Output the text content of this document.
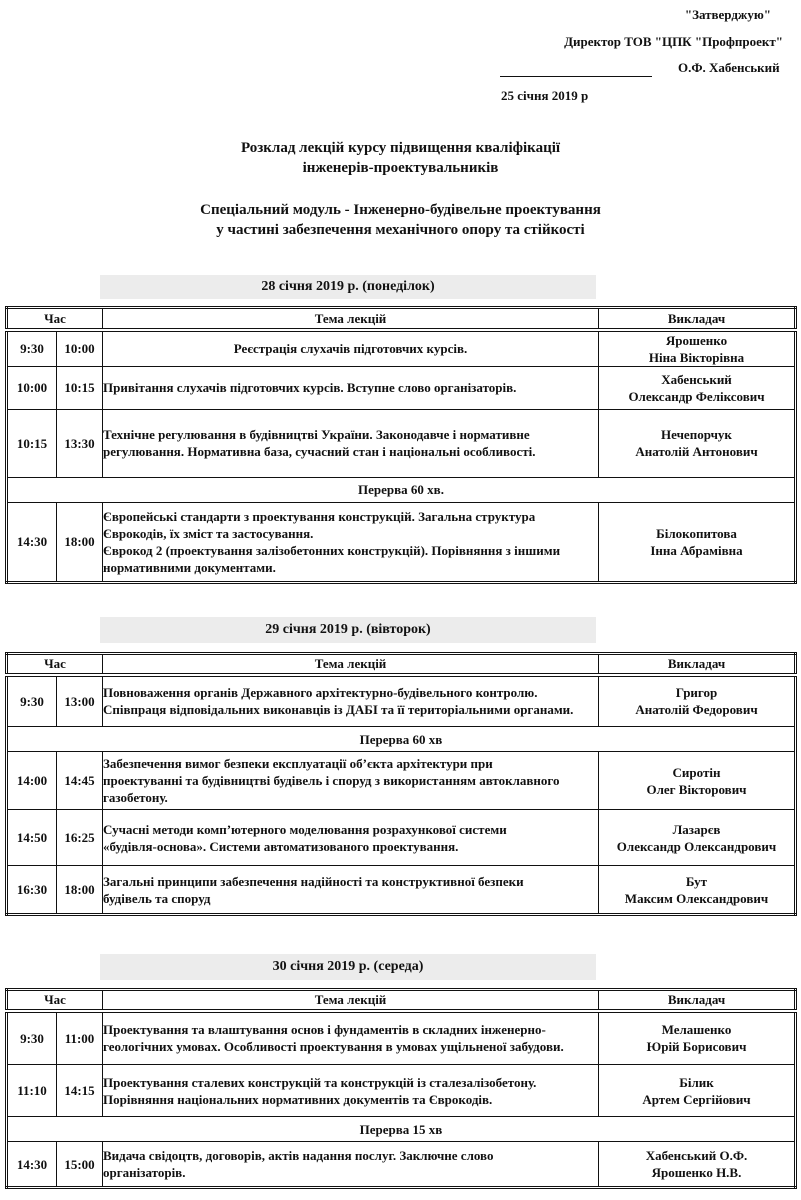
"Затверджую"
Директор ТОВ "ЦПК "Профпроект"
О.Ф. Хабенський
25 січня 2019 р
Розклад лекцій курсу підвищення кваліфікації
інженерів-проектувальників
Спеціальний модуль - Інженерно-будівельне проектування
у частині забезпечення механічного опору та стійкості
28 січня 2019 р. (понеділок)
Час		Тема лекцій	Викладач
9:30	10:00	Реєстрація слухачів підготовчих курсів.	Ярошенко
Ніна Вікторівна

10:00	10:15	Привітання слухачів підготовчих курсів. Вступне слово організаторів.	Хабенський
Олександр Феліксович

10:15	13:30	Технічне регулювання в будівництві України. Законодавче і нормативне
регулювання. Нормативна база, сучасний стан і національні особливості.	Нечепорчук
Анатолій Антонович

Перерва 60 хв.			
14:30	18:00	Європейські стандарти з проектування конструкцій. Загальна структура
Єврокодів, їх зміст та застосування.
Єврокод 2 (проектування залізобетонних конструкцій). Порівняння з іншими
нормативними документами.	Білокопитова
Інна Абрамівна
29 січня 2019 р. (вівторок)
Час		Тема лекцій	Викладач
9:30	13:00	Повноваження органів Державного архітектурно-будівельного контролю.
Співпраця відповідальних виконавців із ДАБІ та її територіальними органами.	Григор
Анатолій Федорович

Перерва 60 хв			
14:00	14:45	Забезпечення вимог безпеки експлуатації об’єкта архітектури при
проектуванні та будівництві будівель і споруд з використанням автоклавного
газобетону.	Сиротін
Олег Вікторович

14:50	16:25	Сучасні методи комп’ютерного моделювання розрахункової системи
«будівля-основа». Системи автоматизованого проектування.	Лазарєв
Олександр Олександрович

16:30	18:00	Загальні принципи забезпечення надійності та конструктивної безпеки
будівель та споруд	Бут
Максим Олександрович
30 січня 2019 р. (середа)
Час		Тема лекцій	Викладач
9:30	11:00	Проектування та влаштування основ і фундаментів в складних інженерно-
геологічних умовах. Особливості проектування в умовах ущільненої забудови.	Мелашенко
Юрій Борисович

11:10	14:15	Проектування сталевих конструкцій та конструкцій із сталезалізобетону.
Порівняння національних нормативних документів та Єврокодів.	Білик
Артем Сергійович

Перерва 15 хв			
14:30	15:00	Видача свідоцтв, договорів, актів надання послуг. Заключне слово
організаторів.	Хабенський О.Ф.
Ярошенко Н.В.
